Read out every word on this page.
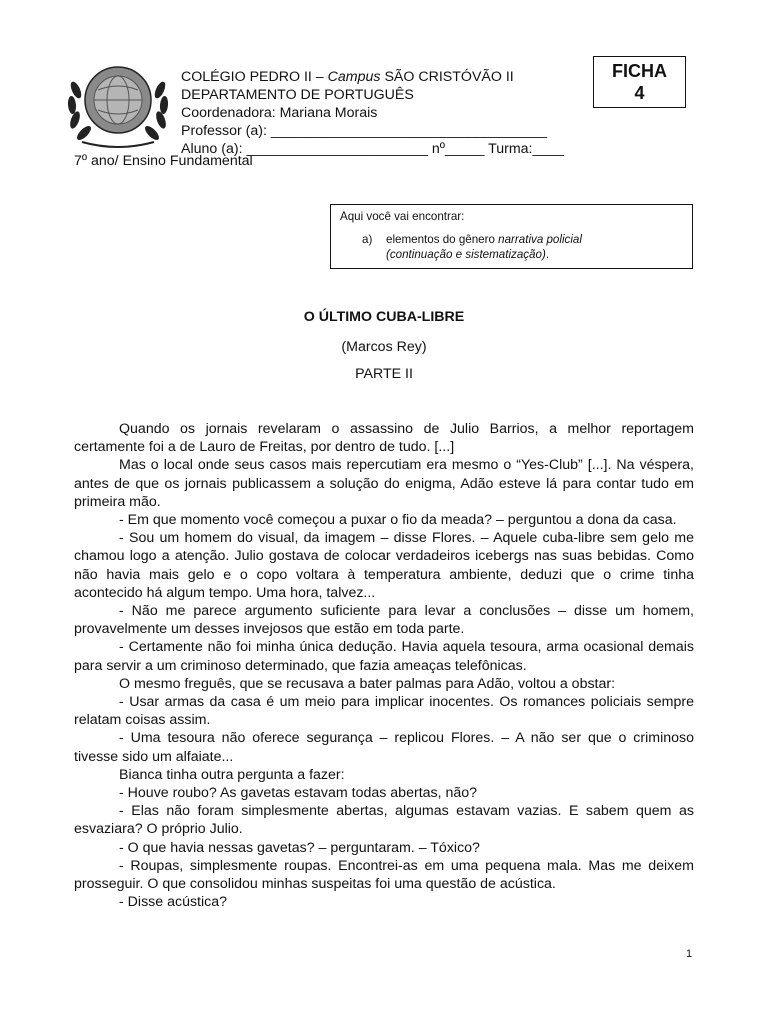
COLÉGIO PEDRO II – Campus SÃO CRISTÓVÃO II
DEPARTAMENTO DE PORTUGUÊS
Coordenadora: Mariana Morais
Professor (a): ___________________________________
Aluno (a): _______________________ nº_____ Turma:____
7º ano/ Ensino Fundamental
FICHA
4
Aqui você vai encontrar:
a) elementos do gênero narrativa policial
(continuação e sistematização).
O ÚLTIMO CUBA-LIBRE
(Marcos Rey)
PARTE II

Quando os jornais revelaram o assassino de Julio Barrios, a melhor reportagem certamente foi a de Lauro de Freitas, por dentro de tudo. [...]

Mas o local onde seus casos mais repercutiam era mesmo o “Yes-Club” [...]. Na véspera, antes de que os jornais publicassem a solução do enigma, Adão esteve lá para contar tudo em primeira mão.

- Em que momento você começou a puxar o fio da meada? – perguntou a dona da casa.

- Sou um homem do visual, da imagem – disse Flores. – Aquele cuba-libre sem gelo me chamou logo a atenção. Julio gostava de colocar verdadeiros icebergs nas suas bebidas. Como não havia mais gelo e o copo voltara à temperatura ambiente, deduzi que o crime tinha acontecido há algum tempo. Uma hora, talvez...

- Não me parece argumento suficiente para levar a conclusões – disse um homem, provavelmente um desses invejosos que estão em toda parte.

- Certamente não foi minha única dedução. Havia aquela tesoura, arma ocasional demais para servir a um criminoso determinado, que fazia ameaças telefônicas.

O mesmo freguês, que se recusava a bater palmas para Adão, voltou a obstar:

- Usar armas da casa é um meio para implicar inocentes. Os romances policiais sempre relatam coisas assim.

- Uma tesoura não oferece segurança – replicou Flores. – A não ser que o criminoso tivesse sido um alfaiate...

Bianca tinha outra pergunta a fazer:

- Houve roubo? As gavetas estavam todas abertas, não?

- Elas não foram simplesmente abertas, algumas estavam vazias. E sabem quem as esvaziara? O próprio Julio.

- O que havia nessas gavetas? – perguntaram. – Tóxico?

- Roupas, simplesmente roupas. Encontrei-as em uma pequena mala. Mas me deixem prosseguir. O que consolidou minhas suspeitas foi uma questão de acústica.

- Disse acústica?

1
